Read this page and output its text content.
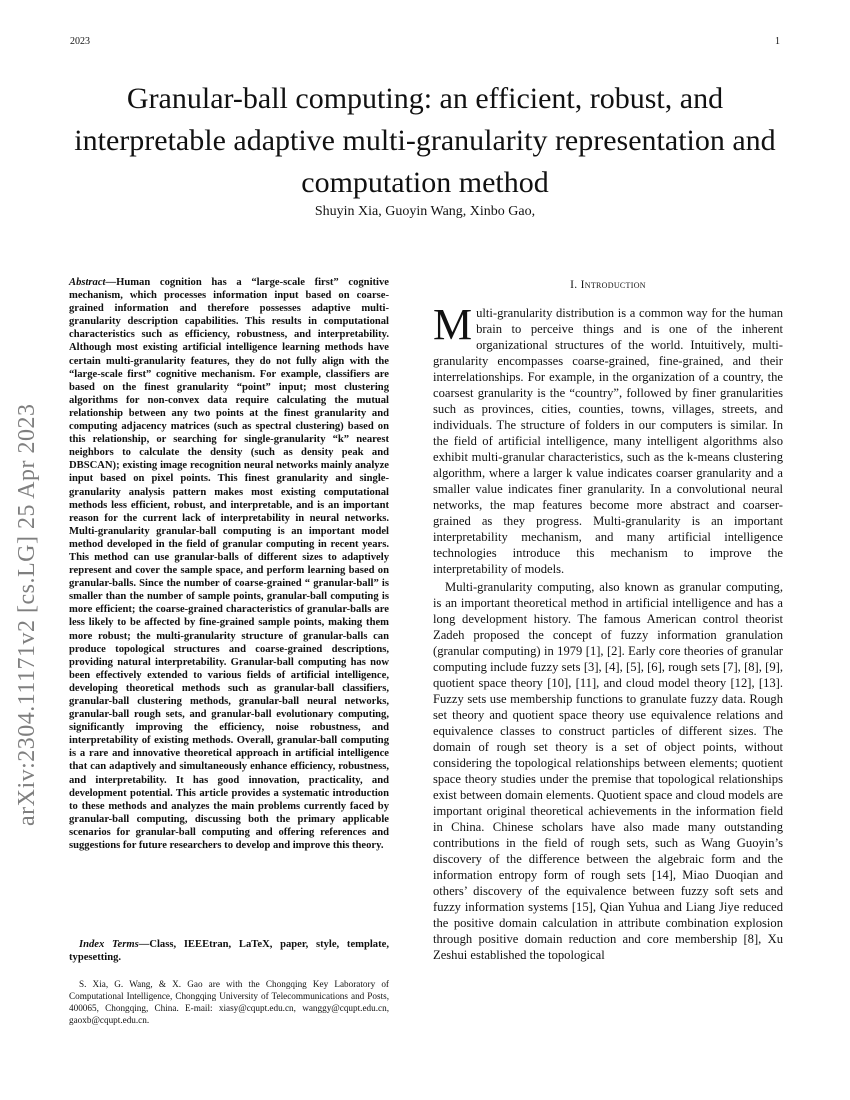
2023	1
Granular-ball computing: an efficient, robust, and interpretable adaptive multi-granularity representation and computation method
Shuyin Xia, Guoyin Wang, Xinbo Gao,
arXiv:2304.11171v2 [cs.LG] 25 Apr 2023

Abstract—Human cognition has a “large-scale first” cognitive mechanism, which processes information input based on coarse-grained information and therefore possesses adaptive multi-granularity description capabilities. This results in computational characteristics such as efficiency, robustness, and interpretability. Although most existing artificial intelligence learning methods have certain multi-granularity features, they do not fully align with the “large-scale first” cognitive mechanism. For example, classifiers are based on the finest granularity “point” input; most clustering algorithms for non-convex data require calculating the mutual relationship between any two points at the finest granularity and computing adjacency matrices (such as spectral clustering) based on this relationship, or searching for single-granularity “k” nearest neighbors to calculate the density (such as density peak and DBSCAN); existing image recognition neural networks mainly analyze input based on pixel points. This finest granularity and single-granularity analysis pattern makes most existing computational methods less efficient, robust, and interpretable, and is an important reason for the current lack of interpretability in neural networks. Multi-granularity granular-ball computing is an important model method developed in the field of granular computing in recent years. This method can use granular-balls of different sizes to adaptively represent and cover the sample space, and perform learning based on granular-balls. Since the number of coarse-grained “ granular-ball” is smaller than the number of sample points, granular-ball computing is more efficient; the coarse-grained characteristics of granular-balls are less likely to be affected by fine-grained sample points, making them more robust; the multi-granularity structure of granular-balls can produce topological structures and coarse-grained descriptions, providing natural interpretability. Granular-ball computing has now been effectively extended to various fields of artificial intelligence, developing theoretical methods such as granular-ball classifiers, granular-ball clustering methods, granular-ball neural networks, granular-ball rough sets, and granular-ball evolutionary computing, significantly improving the efficiency, noise robustness, and interpretability of existing methods. Overall, granular-ball computing is a rare and innovative theoretical approach in artificial intelligence that can adaptively and simultaneously enhance efficiency, robustness, and interpretability. It has good innovation, practicality, and development potential. This article provides a systematic introduction to these methods and analyzes the main problems currently faced by granular-ball computing, discussing both the primary applicable scenarios for granular-ball computing and offering references and suggestions for future researchers to develop and improve this theory.

Index Terms—Class, IEEEtran, LaTeX, paper, style, template, typesetting.

S. Xia, G. Wang, & X. Gao are with the Chongqing Key Laboratory of Computational Intelligence, Chongqing University of Telecommunications and Posts, 400065, Chongqing, China. E-mail: xiasy@cqupt.edu.cn, wanggy@cqupt.edu.cn, gaoxb@cqupt.edu.cn.

I. Introduction

Multi-granularity distribution is a common way for the human brain to perceive things and is one of the inherent organizational structures of the world. Intuitively, multi-granularity encompasses coarse-grained, fine-grained, and their interrelationships. For example, in the organization of a country, the coarsest granularity is the “country”, followed by finer granularities such as provinces, cities, counties, towns, villages, streets, and individuals. The structure of folders in our computers is similar. In the field of artificial intelligence, many intelligent algorithms also exhibit multi-granular characteristics, such as the k-means clustering algorithm, where a larger k value indicates coarser granularity and a smaller value indicates finer granularity. In a convolutional neural networks, the map features become more abstract and coarser-grained as they progress. Multi-granularity is an important interpretability mechanism, and many artificial intelligence technologies introduce this mechanism to improve the interpretability of models.

Multi-granularity computing, also known as granular computing, is an important theoretical method in artificial intelligence and has a long development history. The famous American control theorist Zadeh proposed the concept of fuzzy information granulation (granular computing) in 1979 [1], [2]. Early core theories of granular computing include fuzzy sets [3], [4], [5], [6], rough sets [7], [8], [9], quotient space theory [10], [11], and cloud model theory [12], [13]. Fuzzy sets use membership functions to granulate fuzzy data. Rough set theory and quotient space theory use equivalence relations and equivalence classes to construct particles of different sizes. The domain of rough set theory is a set of object points, without considering the topological relationships between elements; quotient space theory studies under the premise that topological relationships exist between domain elements. Quotient space and cloud models are important original theoretical achievements in the information field in China. Chinese scholars have also made many outstanding contributions in the field of rough sets, such as Wang Guoyin’s discovery of the difference between the algebraic form and the information entropy form of rough sets [14], Miao Duoqian and others’ discovery of the equivalence between fuzzy soft sets and fuzzy information systems [15], Qian Yuhua and Liang Jiye reduced the positive domain calculation in attribute combination explosion through positive domain reduction and core membership [8], Xu Zeshui established the topological
